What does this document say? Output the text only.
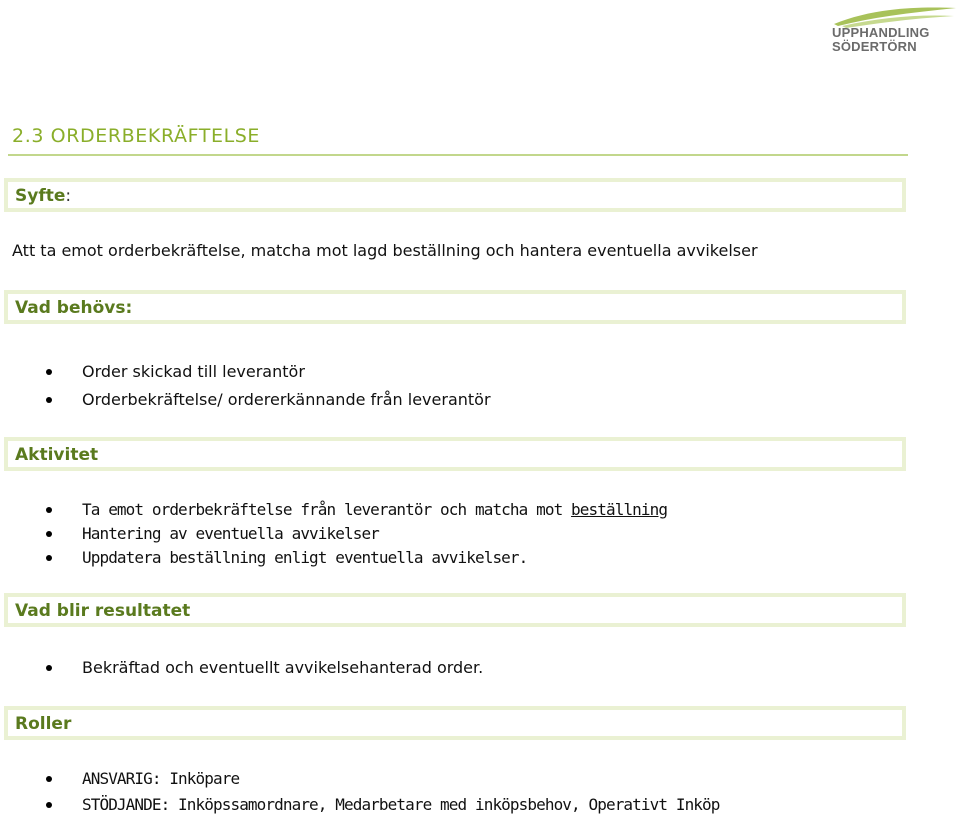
UPPHANDLING
SÖDERTÖRN
2.3 ORDERBEKRÄFTELSE
Syfte:
Att ta emot orderbekräftelse, matcha mot lagd beställning och hantera eventuella avvikelser
Vad behövs:
Order skickad till leverantör
Orderbekräftelse/ ordererkännande från leverantör
Aktivitet
Ta emot orderbekräftelse från leverantör och matcha mot beställning
Hantering av eventuella avvikelser
Uppdatera beställning enligt eventuella avvikelser.
Vad blir resultatet
Bekräftad och eventuellt avvikelsehanterad order.
Roller
ANSVARIG: Inköpare
STÖDJANDE: Inköpssamordnare, Medarbetare med inköpsbehov, Operativt Inköp
